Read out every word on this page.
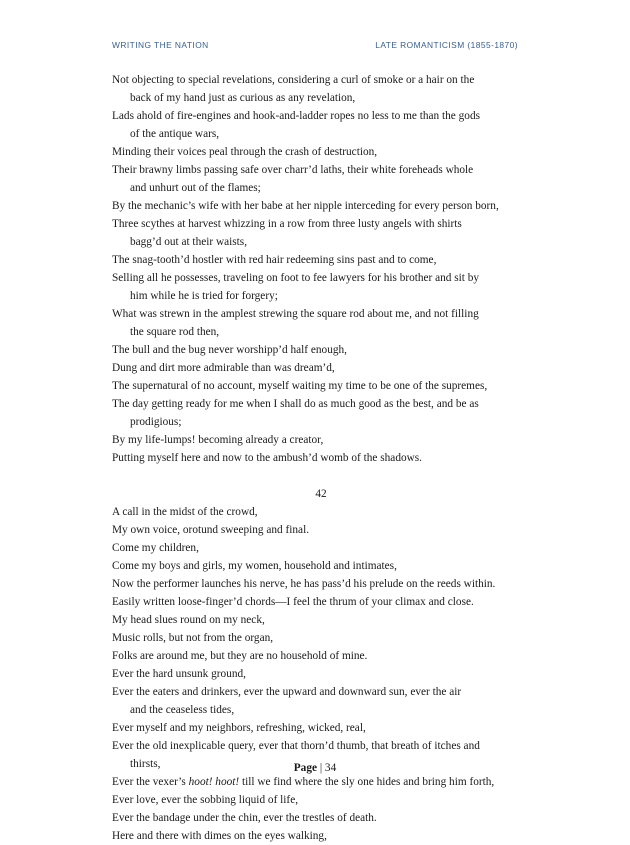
WRITING THE NATION	LATE ROMANTICISM (1855-1870)
Not objecting to special revelations, considering a curl of smoke or a hair on the
back of my hand just as curious as any revelation,
Lads ahold of fire-engines and hook-and-ladder ropes no less to me than the gods
of the antique wars,
Minding their voices peal through the crash of destruction,
Their brawny limbs passing safe over charr’d laths, their white foreheads whole
and unhurt out of the flames;
By the mechanic’s wife with her babe at her nipple interceding for every person born,
Three scythes at harvest whizzing in a row from three lusty angels with shirts
bagg’d out at their waists,
The snag-tooth’d hostler with red hair redeeming sins past and to come,
Selling all he possesses, traveling on foot to fee lawyers for his brother and sit by
him while he is tried for forgery;
What was strewn in the amplest strewing the square rod about me, and not filling
the square rod then,
The bull and the bug never worshipp’d half enough,
Dung and dirt more admirable than was dream’d,
The supernatural of no account, myself waiting my time to be one of the supremes,
The day getting ready for me when I shall do as much good as the best, and be as
prodigious;
By my life-lumps! becoming already a creator,
Putting myself here and now to the ambush’d womb of the shadows.
42
A call in the midst of the crowd,
My own voice, orotund sweeping and final.
Come my children,
Come my boys and girls, my women, household and intimates,
Now the performer launches his nerve, he has pass’d his prelude on the reeds within.
Easily written loose-finger’d chords—I feel the thrum of your climax and close.
My head slues round on my neck,
Music rolls, but not from the organ,
Folks are around me, but they are no household of mine.
Ever the hard unsunk ground,
Ever the eaters and drinkers, ever the upward and downward sun, ever the air
and the ceaseless tides,
Ever myself and my neighbors, refreshing, wicked, real,
Ever the old inexplicable query, ever that thorn’d thumb, that breath of itches and
thirsts,
Ever the vexer’s hoot! hoot! till we find where the sly one hides and bring him forth,
Ever love, ever the sobbing liquid of life,
Ever the bandage under the chin, ever the trestles of death.
Here and there with dimes on the eyes walking,
Page | 34
